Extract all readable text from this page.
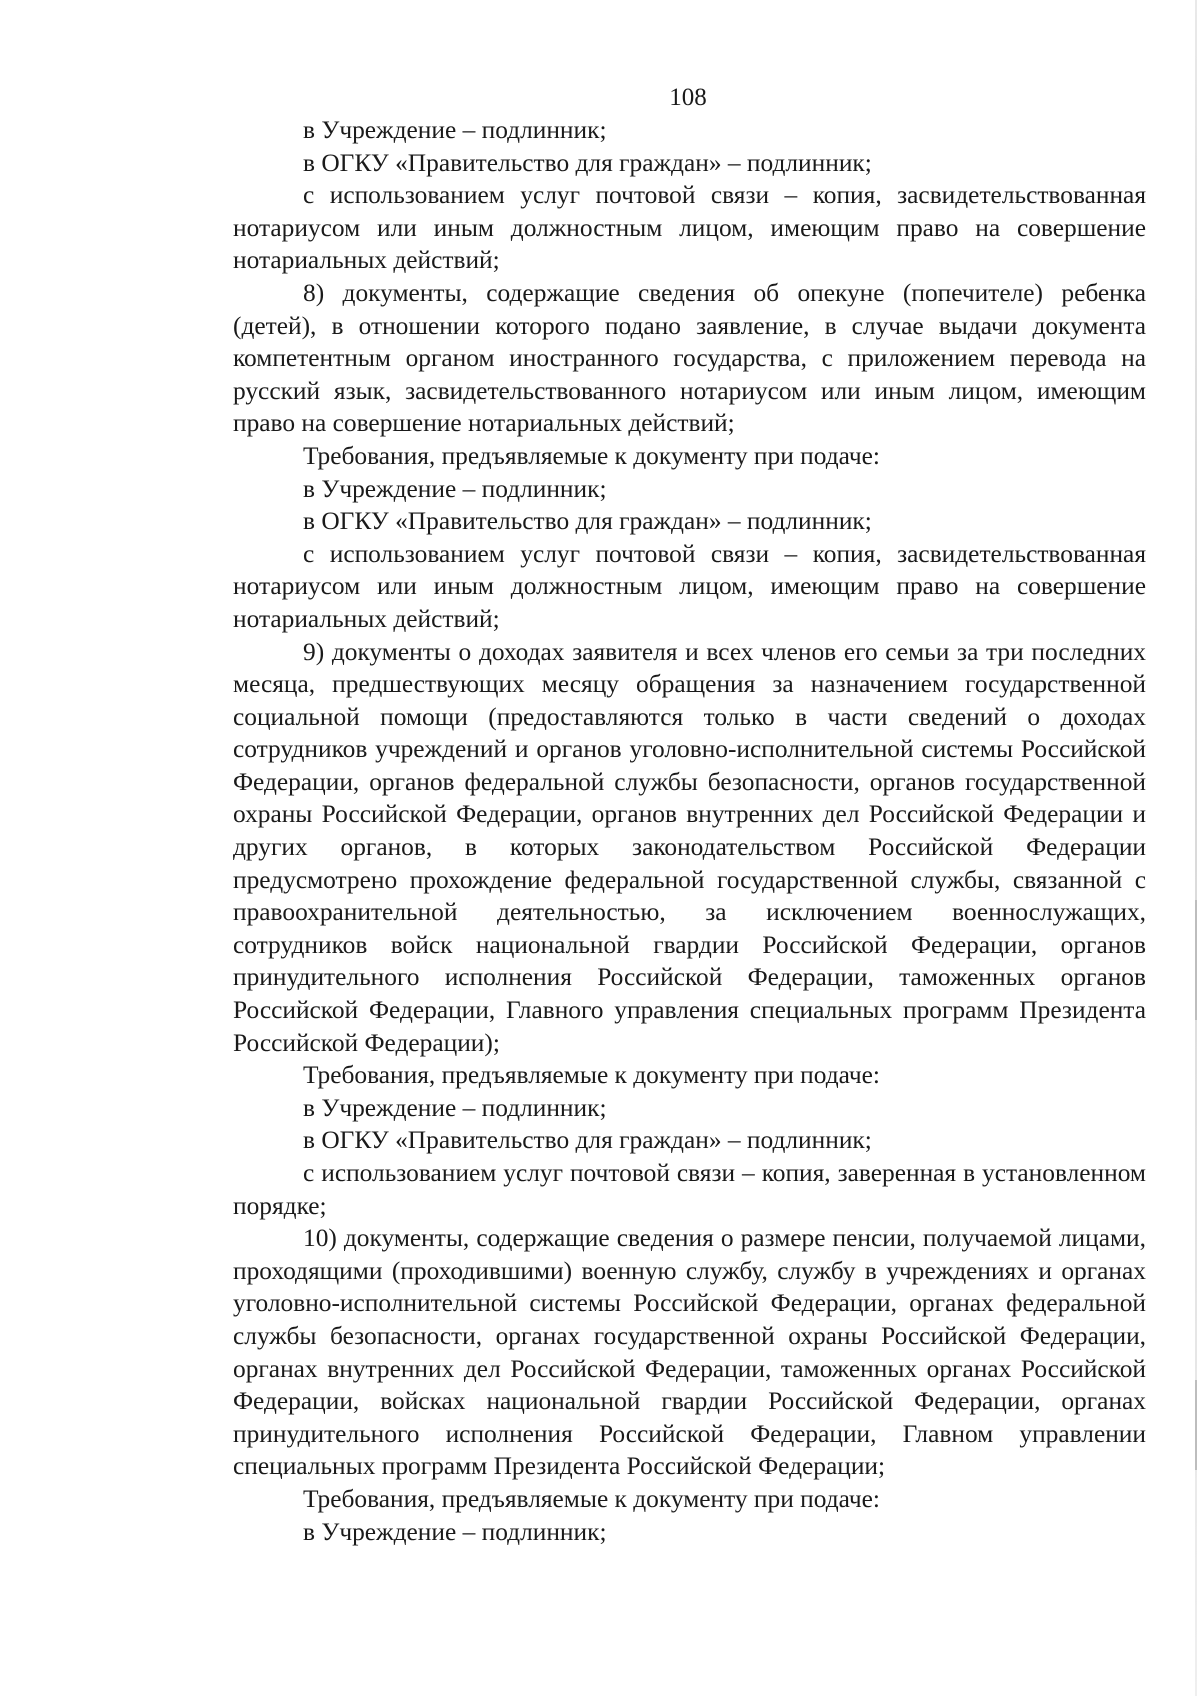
108

в Учреждение – подлинник;

в ОГКУ «Правительство для граждан» – подлинник;

с использованием услуг почтовой связи – копия, засвидетельствованная нотариусом или иным должностным лицом, имеющим право на совершение нотариальных действий;

8) документы, содержащие сведения об опекуне (попечителе) ребенка (детей), в отношении которого подано заявление, в случае выдачи документа компетентным органом иностранного государства, с приложением перевода на русский язык, засвидетельствованного нотариусом или иным лицом, имеющим право на совершение нотариальных действий;

Требования, предъявляемые к документу при подаче:

в Учреждение – подлинник;

в ОГКУ «Правительство для граждан» – подлинник;

с использованием услуг почтовой связи – копия, засвидетельствованная нотариусом или иным должностным лицом, имеющим право на совершение нотариальных действий;

9) документы о доходах заявителя и всех членов его семьи за три последних месяца, предшествующих месяцу обращения за назначением государственной социальной помощи (предоставляются только в части сведений о доходах сотрудников учреждений и органов уголовно-исполнительной системы Российской Федерации, органов федеральной службы безопасности, органов государственной охраны Российской Федерации, органов внутренних дел Российской Федерации и других органов, в которых законодательством Российской Федерации предусмотрено прохождение федеральной государственной службы, связанной с правоохранительной деятельностью, за исключением военнослужащих, сотрудников войск национальной гвардии Российской Федерации, органов принудительного исполнения Российской Федерации, таможенных органов Российской Федерации, Главного управления специальных программ Президента Российской Федерации);

Требования, предъявляемые к документу при подаче:

в Учреждение – подлинник;

в ОГКУ «Правительство для граждан» – подлинник;

с использованием услуг почтовой связи – копия, заверенная в установленном порядке;

10) документы, содержащие сведения о размере пенсии, получаемой лицами, проходящими (проходившими) военную службу, службу в учреждениях и органах уголовно-исполнительной системы Российской Федерации, органах федеральной службы безопасности, органах государственной охраны Российской Федерации, органах внутренних дел Российской Федерации, таможенных органах Российской Федерации, войсках национальной гвардии Российской Федерации, органах принудительного исполнения Российской Федерации, Главном управлении специальных программ Президента Российской Федерации;

Требования, предъявляемые к документу при подаче:

в Учреждение – подлинник;
